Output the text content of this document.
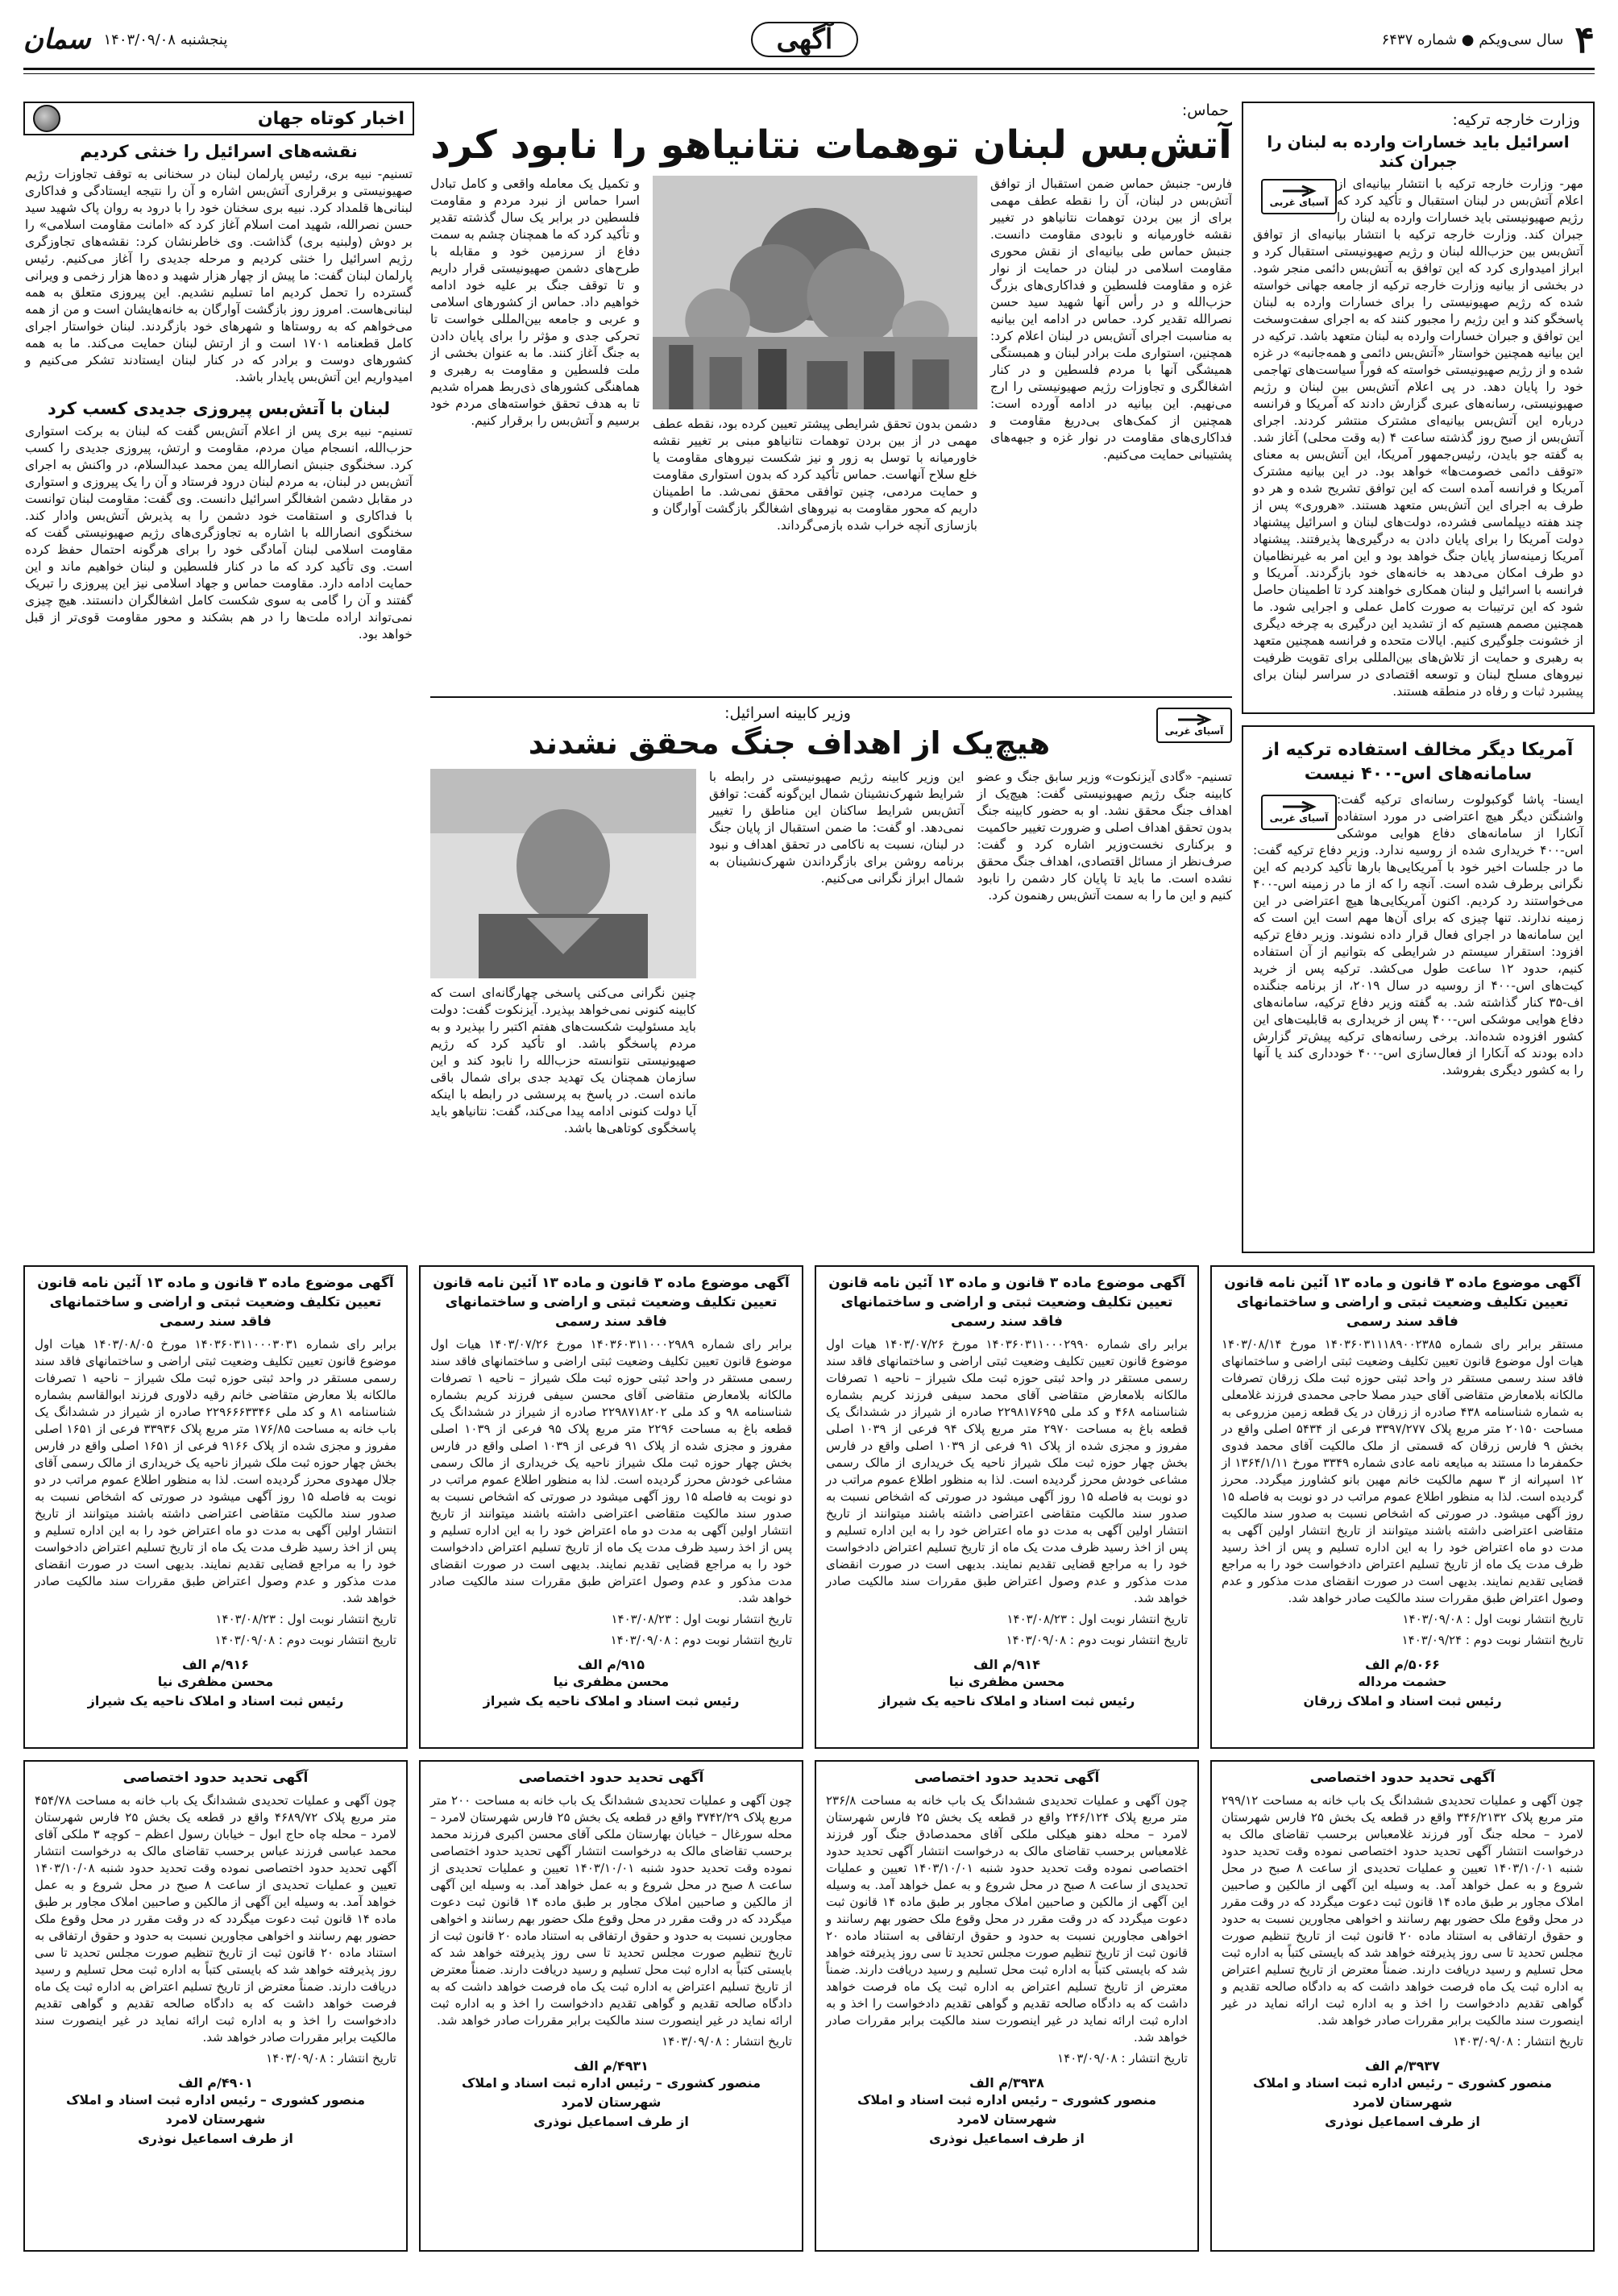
۴
سال سی‌ویکم ● شماره ۶۴۳۷
آگهی
پنجشنبه ۱۴۰۳/۰۹/۰۸
سمان
وزارت خارجه ترکیه:
اسرائیل باید خسارات وارده به لبنان را جبران کند
آسیای غربی

مهر- وزارت خارجه ترکیه با انتشار بیانیه‌ای از اعلام آتش‌بس در لبنان استقبال و تأکید کرد که رژیم صهیونیستی باید خسارات وارده به لبنان را جبران کند. وزارت خارجه ترکیه با انتشار بیانیه‌ای از توافق آتش‌بس بین حزب‌الله لبنان و رژیم صهیونیستی استقبال کرد و ابراز امیدواری کرد که این توافق به آتش‌بس دائمی منجر شود. در بخشی از بیانیه وزارت خارجه ترکیه از جامعه جهانی خواسته شده که رژیم صهیونیستی را برای خسارات وارده به لبنان پاسخگو کند و این رژیم را مجبور کنند که به اجرای سفت‌وسخت این توافق و جبران خسارات وارده به لبنان متعهد باشد. ترکیه در این بیانیه همچنین خواستار «آتش‌بس دائمی و همه‌جانبه» در غزه شده و از رژیم صهیونیستی خواسته که فوراً سیاست‌های تهاجمی خود را پایان دهد. در پی اعلام آتش‌بس بین لبنان و رژیم صهیونیستی، رسانه‌های عبری گزارش دادند که آمریکا و فرانسه درباره این آتش‌بس بیانیه‌ای مشترک منتشر کردند. اجرای آتش‌بس از صبح روز گذشته ساعت ۴ (به وقت محلی) آغاز شد. به گفته جو بایدن، رئیس‌جمهور آمریکا، این آتش‌بس به معنای «توقف دائمی خصومت‌ها» خواهد بود. در این بیانیه مشترک آمریکا و فرانسه آمده است که این توافق تشریح شده و هر دو طرف به اجرای این آتش‌بس متعهد هستند. «هروری» پس از چند هفته دیپلماسی فشرده، دولت‌های لبنان و اسرائیل پیشنهاد دولت آمریکا را برای پایان دادن به درگیری‌ها پذیرفتند. پیشنهاد آمریکا زمینه‌ساز پایان جنگ خواهد بود و این امر به غیرنظامیان دو طرف امکان می‌دهد به خانه‌های خود بازگردند. آمریکا و فرانسه با اسرائیل و لبنان همکاری خواهند کرد تا اطمینان حاصل شود که این ترتیبات به صورت کامل عملی و اجرایی شود. ما همچنین مصمم هستیم که از تشدید این درگیری به چرخه دیگری از خشونت جلوگیری کنیم. ایالات متحده و فرانسه همچنین متعهد به رهبری و حمایت از تلاش‌های بین‌المللی برای تقویت ظرفیت نیروهای مسلح لبنان و توسعه اقتصادی در سراسر لبنان برای پیشبرد ثبات و رفاه در منطقه هستند.

آمریکا دیگر مخالف استفاده ترکیه از سامانه‌های اس-۴۰۰ نیست
آسیای غربی

ایسنا- پاشا گوکبولوت رسانه‌ای ترکیه گفت: واشنگتن دیگر هیچ اعتراضی در مورد استفاده آنکارا از سامانه‌های دفاع هوایی موشکی اس-۴۰۰ خریداری شده از روسیه ندارد. وزیر دفاع ترکیه گفت: ما در جلسات اخیر خود با آمریکایی‌ها بارها تأکید کردیم که این نگرانی برطرف شده است. آنچه را که از ما در زمینه اس-۴۰۰ می‌خواستند رد کردیم. اکنون آمریکایی‌ها هیچ اعتراضی در این زمینه ندارند. تنها چیزی که برای آن‌ها مهم است این است که این سامانه‌ها در اجرای فعال قرار داده نشوند. وزیر دفاع ترکیه افزود: استقرار سیستم در شرایطی که بتوانیم از آن استفاده کنیم، حدود ۱۲ ساعت طول می‌کشد. ترکیه پس از خرید کیت‌های اس-۴۰۰ از روسیه در سال ۲۰۱۹، از برنامه جنگنده اف-۳۵ کنار گذاشته شد. به گفته وزیر دفاع ترکیه، سامانه‌های دفاع هوایی موشکی اس-۴۰۰ پس از خریداری به قابلیت‌های این کشور افزوده شده‌اند. برخی رسانه‌های ترکیه پیش‌تر گزارش داده بودند که آنکارا از فعال‌سازی اس-۴۰۰ خودداری کند یا آنها را به کشور دیگری بفروشد.

حماس:
آتش‌بس لبنان توهمات نتانیاهو را نابود کرد

فارس- جنبش حماس ضمن استقبال از توافق آتش‌بس در لبنان، آن را نقطه عطف مهمی برای از بین بردن توهمات نتانیاهو در تغییر نقشه خاورمیانه و نابودی مقاومت دانست. جنبش حماس طی بیانیه‌ای از نقش محوری مقاومت اسلامی در لبنان در حمایت از نوار غزه و مقاومت فلسطین و فداکاری‌های بزرگ حزب‌الله و در رأس آنها شهید سید حسن نصرالله تقدیر کرد. حماس در ادامه این بیانیه به مناسبت اجرای آتش‌بس در لبنان اعلام کرد: همچنین، استواری ملت برادر لبنان و همبستگی همیشگی آنها با مردم فلسطین و در کنار اشغالگری و تجاوزات رژیم صهیونیستی را ارج می‌نهیم. این بیانیه در ادامه آورده است: همچنین از کمک‌های بی‌دریغ مقاومت و فداکاری‌های مقاومت در نوار غزه و جبهه‌های پشتیبانی حمایت می‌کنیم.

دشمن بدون تحقق شرایطی پیشتر تعیین کرده بود، نقطه عطف مهمی در از بین بردن توهمات نتانیاهو مبنی بر تغییر نقشه خاورمیانه با توسل به زور و نیز شکست نیروهای مقاومت یا خلع سلاح آنهاست. حماس تأکید کرد که بدون استواری مقاومت و حمایت مردمی، چنین توافقی محقق نمی‌شد. ما اطمینان داریم که محور مقاومت به نیروهای اشغالگر بازگشت آوارگان و بازسازی آنچه خراب شده بازمی‌گرداند.

و تکمیل یک معامله واقعی و کامل تبادل اسرا حماس از نبرد مردم و مقاومت فلسطین در برابر یک سال گذشته تقدیر و تأکید کرد که ما همچنان چشم به سمت دفاع از سرزمین خود و مقابله با طرح‌های دشمن صهیونیستی قرار داریم و تا توقف جنگ بر علیه خود ادامه خواهیم داد. حماس از کشورهای اسلامی و عربی و جامعه بین‌المللی خواست تا تحرکی جدی و مؤثر را برای پایان دادن به جنگ آغاز کنند. ما به عنوان بخشی از ملت فلسطین و مقاومت به رهبری و هماهنگی کشورهای ذی‌ربط همراه شدیم تا به هدف تحقق خواسته‌های مردم خود برسیم و آتش‌بس را برقرار کنیم.

آسیای غربی
وزیر کابینه اسرائیل:
هیچ‌یک از اهداف جنگ محقق نشدند

تسنیم- «گادی آیزنکوت» وزیر سابق جنگ و عضو کابینه جنگ رژیم صهیونیستی گفت: هیچ‌یک از اهداف جنگ محقق نشد. او به حضور کابینه جنگ بدون تحقق اهداف اصلی و ضرورت تغییر حاکمیت و برکناری نخست‌وزیر اشاره کرد و گفت: صرف‌نظر از مسائل اقتصادی، اهداف جنگ محقق نشده است. ما باید تا پایان کار دشمن را نابود کنیم و این ما را به سمت آتش‌بس رهنمون کرد.

این وزیر کابینه رژیم صهیونیستی در رابطه با شرایط شهرک‌نشینان شمال این‌گونه گفت: توافق آتش‌بس شرایط ساکنان این مناطق را تغییر نمی‌دهد. او گفت: ما ضمن استقبال از پایان جنگ در لبنان، نسبت به ناکامی در تحقق اهداف و نبود برنامه روشن برای بازگرداندن شهرک‌نشینان به شمال ابراز نگرانی می‌کنیم.

چنین نگرانی می‌کنی پاسخی چهارگانه‌ای است که کابینه کنونی نمی‌خواهد بپذیرد. آیزنکوت گفت: دولت باید مسئولیت شکست‌های هفتم اکتبر را بپذیرد و به مردم پاسخگو باشد. او تأکید کرد که رژیم صهیونیستی نتوانسته حزب‌الله را نابود کند و این سازمان همچنان یک تهدید جدی برای شمال باقی مانده است. در پاسخ به پرسشی در رابطه با اینکه آیا دولت کنونی ادامه پیدا می‌کند، گفت: نتانیاهو باید پاسخگوی کوتاهی‌ها باشد.

اخبار کوتاه جهان
نقشه‌های اسرائیل را خنثی کردیم

تسنیم- نبیه بری، رئیس پارلمان لبنان در سخنانی به توقف تجاوزات رژیم صهیونیستی و برقراری آتش‌بس اشاره و آن را نتیجه ایستادگی و فداکاری لبنانی‌ها قلمداد کرد. نبیه بری سخنان خود را با درود به روان پاک شهید سید حسن نصرالله، شهید امت اسلام آغاز کرد که «امانت مقاومت اسلامی» را بر دوش (ولبنیه بری) گذاشت. وی خاطرنشان کرد: نقشه‌های تجاوزگری رژیم اسرائیل را خنثی کردیم و مرحله جدیدی را آغاز می‌کنیم. رئیس پارلمان لبنان گفت: ما پیش از چهار هزار شهید و ده‌ها هزار زخمی و ویرانی گسترده را تحمل کردیم اما تسلیم نشدیم. این پیروزی متعلق به همه لبنانی‌هاست. امروز روز بازگشت آوارگان به خانه‌هایشان است و من از همه می‌خواهم که به روستاها و شهرهای خود بازگردند. لبنان خواستار اجرای کامل قطعنامه ۱۷۰۱ است و از ارتش لبنان حمایت می‌کند. ما به همه کشورهای دوست و برادر که در کنار لبنان ایستادند تشکر می‌کنیم و امیدواریم این آتش‌بس پایدار باشد.

لبنان با آتش‌بس پیروزی جدیدی کسب کرد

تسنیم- نبیه بری پس از اعلام آتش‌بس گفت که لبنان به برکت استواری حزب‌الله، انسجام میان مردم، مقاومت و ارتش، پیروزی جدیدی را کسب کرد. سخنگوی جنبش انصارالله یمن محمد عبدالسلام، در واکنش به اجرای آتش‌بس در لبنان، به مردم لبنان درود فرستاد و آن را یک پیروزی و استواری در مقابل دشمن اشغالگر اسرائیل دانست. وی گفت: مقاومت لبنان توانست با فداکاری و استقامت خود دشمن را به پذیرش آتش‌بس وادار کند. سخنگوی انصارالله با اشاره به تجاوزگری‌های رژیم صهیونیستی گفت که مقاومت اسلامی لبنان آمادگی خود را برای هرگونه احتمال حفظ کرده است. وی تأکید کرد که ما در کنار فلسطین و لبنان خواهیم ماند و این حمایت ادامه دارد. مقاومت حماس و جهاد اسلامی نیز این پیروزی را تبریک گفتند و آن را گامی به سوی شکست کامل اشغالگران دانستند. هیچ چیزی نمی‌تواند اراده ملت‌ها را در هم بشکند و محور مقاومت قوی‌تر از قبل خواهد بود.

آگهی موضوع ماده ۳ قانون و ماده ۱۳ آئین نامه قانون تعیین تکلیف وضعیت ثبتی و اراضی و ساختمانهای فاقد سند رسمی
مستقر برابر رای شماره ۱۴۰۳۶۰۳۱۱۱۸۹۰۰۲۳۸۵ مورخ ۱۴۰۳/۰۸/۱۴ هیات اول موضوع قانون تعیین تکلیف وضعیت ثبتی اراضی و ساختمانهای فاقد سند رسمی مستقر در واحد ثبتی حوزه ثبت ملک زرقان تصرفات مالکانه بلامعارض متقاضی آقای حیدر مصلا حاجی محمدی فرزند غلامعلی به شماره شناسنامه ۴۳۸ صادره از زرقان در یک قطعه زمین مزروعی به مساحت ۲۰۱۵۰ متر مربع پلاک ۳۳۹۷/۲۷۷ فرعی از ۵۴۳۴ اصلی واقع در بخش ۹ فارس زرقان که قسمتی از ملک مالکیت آقای محمد فدوی حکمفرما دا مستند به مبایعه نامه عادی شماره ۳۳۴۹ مورخ ۱۳۶۴/۱/۱۱ از ۱۲ اسپرانه از ۳ سهم مالکیت خانم مهین بانو کشاورز میگردد. محرز گردیده است. لذا به منظور اطلاع عموم مراتب در دو نوبت به فاصله ۱۵ روز آگهی میشود. در صورتی که اشخاص نسبت به صدور سند مالکیت متقاضی اعتراضی داشته باشند میتوانند از تاریخ انتشار اولین آگهی به مدت دو ماه اعتراض خود را به این اداره تسلیم و پس از اخذ رسید ظرف مدت یک ماه از تاریخ تسلیم اعتراض دادخواست خود را به مراجع قضایی تقدیم نمایند. بدیهی است در صورت انقضای مدت مذکور و عدم وصول اعتراض طبق مقررات سند مالکیت صادر خواهد شد.
تاریخ انتشار نوبت اول : ۱۴۰۳/۰۹/۰۸
تاریخ انتشار نوبت دوم : ۱۴۰۳/۰۹/۲۴
۵۰۶۶/م الف
حشمت مرداله
رئیس ثبت اسناد و املاک زرقان
آگهی موضوع ماده ۳ قانون و ماده ۱۳ آئین نامه قانون تعیین تکلیف وضعیت ثبتی و اراضی و ساختمانهای فاقد سند رسمی
برابر رای شماره ۱۴۰۳۶۰۳۱۱۰۰۰۲۹۹۰ مورخ ۱۴۰۳/۰۷/۲۶ هیات اول موضوع قانون تعیین تکلیف وضعیت ثبتی اراضی و ساختمانهای فاقد سند رسمی مستقر در واحد ثبتی حوزه ثبت ملک شیراز – ناحیه ۱ تصرفات مالکانه بلامعارض متقاضی آقای محمد سیفی فرزند کریم بشماره شناسنامه ۴۶۸ و کد ملی ۲۲۹۸۱۷۶۹۵ صادره از شیراز در ششدانگ یک قطعه باغ به مساحت ۲۹۷۰ متر مربع پلاک ۹۴ فرعی از ۱۰۳۹ اصلی مفروز و مجزی شده از پلاک ۹۱ فرعی از ۱۰۳۹ اصلی واقع در فارس بخش چهار حوزه ثبت ملک شیراز ناحیه یک خریداری از مالک رسمی مشاعی خودش محرز گردیده است. لذا به منظور اطلاع عموم مراتب در دو نوبت به فاصله ۱۵ روز آگهی میشود در صورتی که اشخاص نسبت به صدور سند مالکیت متقاضی اعتراضی داشته باشند میتوانند از تاریخ انتشار اولین آگهی به مدت دو ماه اعتراض خود را به این اداره تسلیم و پس از اخذ رسید ظرف مدت یک ماه از تاریخ تسلیم اعتراض دادخواست خود را به مراجع قضایی تقدیم نمایند. بدیهی است در صورت انقضای مدت مذکور و عدم وصول اعتراض طبق مقررات سند مالکیت صادر خواهد شد.
تاریخ انتشار نوبت اول : ۱۴۰۳/۰۸/۲۳
تاریخ انتشار نوبت دوم : ۱۴۰۳/۰۹/۰۸
۹۱۴/م الف
محسن مظفری نیا
رئیس ثبت اسناد و املاک ناحیه یک شیراز
آگهی موضوع ماده ۳ قانون و ماده ۱۳ آئین نامه قانون تعیین تکلیف وضعیت ثبتی و اراضی و ساختمانهای فاقد سند رسمی
برابر رای شماره ۱۴۰۳۶۰۳۱۱۰۰۰۲۹۸۹ مورخ ۱۴۰۳/۰۷/۲۶ هیات اول موضوع قانون تعیین تکلیف وضعیت ثبتی اراضی و ساختمانهای فاقد سند رسمی مستقر در واحد ثبتی حوزه ثبت ملک شیراز – ناحیه ۱ تصرفات مالکانه بلامعارض متقاضی آقای محسن سیفی فرزند کریم بشماره شناسنامه ۹۸ و کد ملی ۲۲۹۸۷۱۸۲۰۲ صادره از شیراز در ششدانگ یک قطعه باغ به مساحت ۲۲۹۶ متر مربع پلاک ۹۵ فرعی از ۱۰۳۹ اصلی مفروز و مجزی شده از پلاک ۹۱ فرعی از ۱۰۳۹ اصلی واقع در فارس بخش چهار حوزه ثبت ملک شیراز ناحیه یک خریداری از مالک رسمی مشاعی خودش محرز گردیده است. لذا به منظور اطلاع عموم مراتب در دو نوبت به فاصله ۱۵ روز آگهی میشود در صورتی که اشخاص نسبت به صدور سند مالکیت متقاضی اعتراضی داشته باشند میتوانند از تاریخ انتشار اولین آگهی به مدت دو ماه اعتراض خود را به این اداره تسلیم و پس از اخذ رسید ظرف مدت یک ماه از تاریخ تسلیم اعتراض دادخواست خود را به مراجع قضایی تقدیم نمایند. بدیهی است در صورت انقضای مدت مذکور و عدم وصول اعتراض طبق مقررات سند مالکیت صادر خواهد شد.
تاریخ انتشار نوبت اول : ۱۴۰۳/۰۸/۲۳
تاریخ انتشار نوبت دوم : ۱۴۰۳/۰۹/۰۸
۹۱۵/م الف
محسن مظفری نیا
رئیس ثبت اسناد و املاک ناحیه یک شیراز
آگهی موضوع ماده ۳ قانون و ماده ۱۳ آئین نامه قانون تعیین تکلیف وضعیت ثبتی و اراضی و ساختمانهای فاقد سند رسمی
برابر رای شماره ۱۴۰۳۶۰۳۱۱۰۰۰۳۰۳۱ مورخ ۱۴۰۳/۰۸/۰۵ هیات اول موضوع قانون تعیین تکلیف وضعیت ثبتی اراضی و ساختمانهای فاقد سند رسمی مستقر در واحد ثبتی حوزه ثبت ملک شیراز – ناحیه ۱ تصرفات مالکانه بلا معارض متقاضی خانم رقیه دلاوری فرزند ابوالقاسم بشماره شناسنامه ۸۱ و کد ملی ۲۲۹۶۶۶۳۳۴۶ صادره از شیراز در ششدانگ یک باب خانه به مساحت ۱۷۶/۸۵ متر مربع پلاک ۳۳۹۳۶ فرعی از ۱۶۵۱ اصلی مفروز و مجزی شده از پلاک ۹۱۶۶ فرعی از ۱۶۵۱ اصلی واقع در فارس بخش چهار حوزه ثبت ملک شیراز ناحیه یک خریداری از مالک رسمی آقای جلال مهدوی محرز گردیده است. لذا به منظور اطلاع عموم مراتب در دو نوبت به فاصله ۱۵ روز آگهی میشود در صورتی که اشخاص نسبت به صدور سند مالکیت متقاضی اعتراضی داشته باشند میتوانند از تاریخ انتشار اولین آگهی به مدت دو ماه اعتراض خود را به این اداره تسلیم و پس از اخذ رسید ظرف مدت یک ماه از تاریخ تسلیم اعتراض دادخواست خود را به مراجع قضایی تقدیم نمایند. بدیهی است در صورت انقضای مدت مذکور و عدم وصول اعتراض طبق مقررات سند مالکیت صادر خواهد شد.
تاریخ انتشار نوبت اول : ۱۴۰۳/۰۸/۲۳
تاریخ انتشار نوبت دوم : ۱۴۰۳/۰۹/۰۸
۹۱۶/م الف
محسن مظفری نیا
رئیس ثبت اسناد و املاک ناحیه یک شیراز
آگهی تحدید حدود اختصاصی
چون آگهی و عملیات تحدیدی ششدانگ یک باب خانه به مساحت ۲۹۹/۱۲ متر مربع پلاک ۳۴۶/۲۱۳۲ واقع در قطعه یک بخش ۲۵ فارس شهرستان لامرد – محله جنگ آور فرزند غلامعباس برحسب تقاضای مالک به درخواست انتشار آگهی تحدید حدود اختصاصی نموده وقت تحدید حدود شنبه ۱۴۰۳/۱۰/۰۱ تعیین و عملیات تحدیدی از ساعت ۸ صبح در محل شروع و به عمل خواهد آمد. به وسیله این آگهی از مالکین و صاحبین املاک مجاور بر طبق ماده ۱۴ قانون ثبت دعوت میگردد که در وقت مقرر در محل وقوع ملک حضور بهم رسانند و اخواهی مجاورین نسبت به حدود و حقوق ارتفاقی به استناد ماده ۲۰ قانون ثبت از تاریخ تنظیم صورت مجلس تحدید تا سی روز پذیرفته خواهد شد که بایستی کتباً به اداره ثبت محل تسلیم و رسید دریافت دارند. ضمناً معترض از تاریخ تسلیم اعتراض به اداره ثبت یک ماه فرصت خواهد داشت که به دادگاه صالحه تقدیم و گواهی تقدیم دادخواست را اخذ و به اداره ثبت ارائه نماید در غیر اینصورت سند مالکیت برابر مقررات صادر خواهد شد.
تاریخ انتشار : ۱۴۰۳/۰۹/۰۸
۳۹۳۷/م الف
منصور کشوری – رئیس اداره ثبت اسناد و املاک شهرستان لامرد
از طرف اسماعیل نوذری
آگهی تحدید حدود اختصاصی
چون آگهی و عملیات تحدیدی ششدانگ یک باب خانه به مساحت ۲۳۶/۸ متر مربع پلاک ۲۴۶/۱۲۴ واقع در قطعه یک بخش ۲۵ فارس شهرستان لامرد – محله دهنو هیکلی ملکی آقای محمدصادق جنگ آور فرزند غلامعباس برحسب تقاضای مالک به درخواست انتشار آگهی تحدید حدود اختصاصی نموده وقت تحدید حدود شنبه ۱۴۰۳/۱۰/۰۱ تعیین و عملیات تحدیدی از ساعت ۸ صبح در محل شروع و به عمل خواهد آمد. به وسیله این آگهی از مالکین و صاحبین املاک مجاور بر طبق ماده ۱۴ قانون ثبت دعوت میگردد که در وقت مقرر در محل وقوع ملک حضور بهم رسانند و اخواهی مجاورین نسبت به حدود و حقوق ارتفاقی به استناد ماده ۲۰ قانون ثبت از تاریخ تنظیم صورت مجلس تحدید تا سی روز پذیرفته خواهد شد که بایستی کتباً به اداره ثبت محل تسلیم و رسید دریافت دارند. ضمناً معترض از تاریخ تسلیم اعتراض به اداره ثبت یک ماه فرصت خواهد داشت که به دادگاه صالحه تقدیم و گواهی تقدیم دادخواست را اخذ و به اداره ثبت ارائه نماید در غیر اینصورت سند مالکیت برابر مقررات صادر خواهد شد.
تاریخ انتشار : ۱۴۰۳/۰۹/۰۸
۳۹۳۸/م الف
منصور کشوری – رئیس اداره ثبت اسناد و املاک شهرستان لامرد
از طرف اسماعیل نوذری
آگهی تحدید حدود اختصاصی
چون آگهی و عملیات تحدیدی ششدانگ یک باب خانه به مساحت ۲۰۰ متر مربع پلاک ۳۷۴۲/۲۹ واقع در قطعه یک بخش ۲۵ فارس شهرستان لامرد – محله سورغال – خیابان بهارستان ملکی آقای محسن اکبری فرزند محمد برحسب تقاضای مالک به درخواست انتشار آگهی تحدید حدود اختصاصی نموده وقت تحدید حدود شنبه ۱۴۰۳/۱۰/۰۱ تعیین و عملیات تحدیدی از ساعت ۸ صبح در محل شروع و به عمل خواهد آمد. به وسیله این آگهی از مالکین و صاحبین املاک مجاور بر طبق ماده ۱۴ قانون ثبت دعوت میگردد که در وقت مقرر در محل وقوع ملک حضور بهم رسانند و اخواهی مجاورین نسبت به حدود و حقوق ارتفاقی به استناد ماده ۲۰ قانون ثبت از تاریخ تنظیم صورت مجلس تحدید تا سی روز پذیرفته خواهد شد که بایستی کتباً به اداره ثبت محل تسلیم و رسید دریافت دارند. ضمناً معترض از تاریخ تسلیم اعتراض به اداره ثبت یک ماه فرصت خواهد داشت که به دادگاه صالحه تقدیم و گواهی تقدیم دادخواست را اخذ و به اداره ثبت ارائه نماید در غیر اینصورت سند مالکیت برابر مقررات صادر خواهد شد.
تاریخ انتشار : ۱۴۰۳/۰۹/۰۸
۴۹۳۱/م الف
منصور کشوری – رئیس اداره ثبت اسناد و املاک شهرستان لامرد
از طرف اسماعیل نوذری
آگهی تحدید حدود اختصاصی
چون آگهی و عملیات تحدیدی ششدانگ یک باب خانه به مساحت ۴۵۴/۷۸ متر مربع پلاک ۴۶۸۹/۷۲ واقع در قطعه یک بخش ۲۵ فارس شهرستان لامرد – محله چاه حاج ابول – خیابان رسول اعظم – کوچه ۳ ملکی آقای محمد عباسی فرزند عباس برحسب تقاضای مالک به درخواست انتشار آگهی تحدید حدود اختصاصی نموده وقت تحدید حدود شنبه ۱۴۰۳/۱۰/۰۸ تعیین و عملیات تحدیدی از ساعت ۸ صبح در محل شروع و به عمل خواهد آمد. به وسیله این آگهی از مالکین و صاحبین املاک مجاور بر طبق ماده ۱۴ قانون ثبت دعوت میگردد که در وقت مقرر در محل وقوع ملک حضور بهم رسانند و اخواهی مجاورین نسبت به حدود و حقوق ارتفاقی به استناد ماده ۲۰ قانون ثبت از تاریخ تنظیم صورت مجلس تحدید تا سی روز پذیرفته خواهد شد که بایستی کتباً به اداره ثبت محل تسلیم و رسید دریافت دارند. ضمناً معترض از تاریخ تسلیم اعتراض به اداره ثبت یک ماه فرصت خواهد داشت که به دادگاه صالحه تقدیم و گواهی تقدیم دادخواست را اخذ و به اداره ثبت ارائه نماید در غیر اینصورت سند مالکیت برابر مقررات صادر خواهد شد.
تاریخ انتشار : ۱۴۰۳/۰۹/۰۸
۴۹۰۱/م الف
منصور کشوری – رئیس اداره ثبت اسناد و املاک شهرستان لامرد
از طرف اسماعیل نوذری
